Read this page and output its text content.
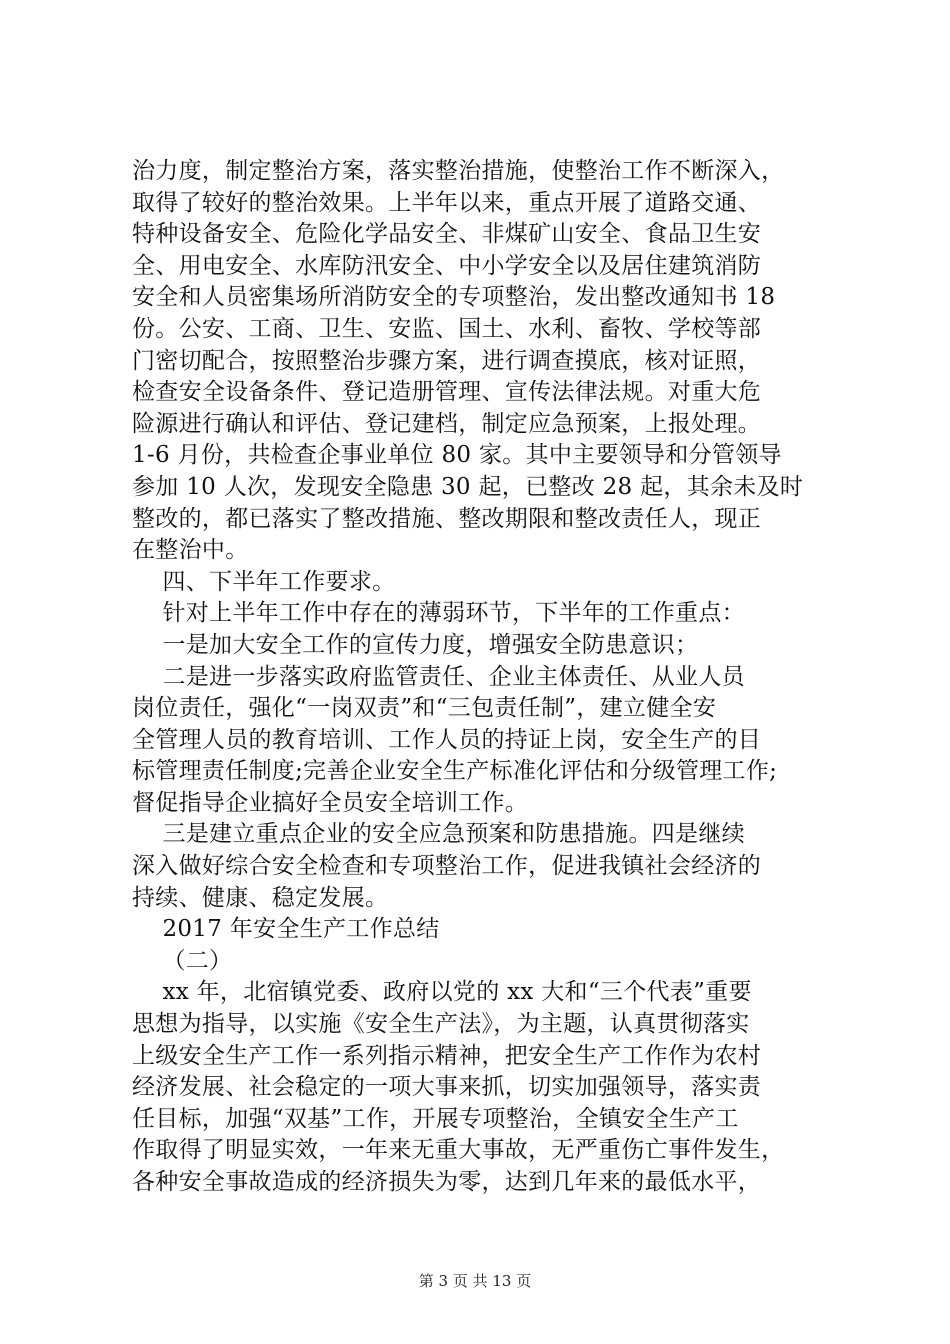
治力度，制定整治方案，落实整治措施，使整治工作不断深入，
取得了较好的整治效果。上半年以来，重点开展了道路交通、
特种设备安全、危险化学品安全、非煤矿山安全、食品卫生安
全、用电安全、水库防汛安全、中小学安全以及居住建筑消防
安全和人员密集场所消防安全的专项整治，发出整改通知书 18
份。公安、工商、卫生、安监、国土、水利、畜牧、学校等部
门密切配合，按照整治步骤方案，进行调查摸底，核对证照，
检查安全设备条件、登记造册管理、宣传法律法规。对重大危
险源进行确认和评估、登记建档，制定应急预案，上报处理。
1-6 月份，共检查企事业单位 80 家。其中主要领导和分管领导
参加 10 人次，发现安全隐患 30 起，已整改 28 起，其余未及时
整改的，都已落实了整改措施、整改期限和整改责任人，现正
在整治中。
四、下半年工作要求。
针对上半年工作中存在的薄弱环节，下半年的工作重点：
一是加大安全工作的宣传力度，增强安全防患意识；
二是进一步落实政府监管责任、企业主体责任、从业人员
岗位责任，强化“一岗双责”和“三包责任制”，建立健全安
全管理人员的教育培训、工作人员的持证上岗，安全生产的目
标管理责任制度;完善企业安全生产标准化评估和分级管理工作;
督促指导企业搞好全员安全培训工作。
三是建立重点企业的安全应急预案和防患措施。四是继续
深入做好综合安全检查和专项整治工作，促进我镇社会经济的
持续、健康、稳定发展。
2017 年安全生产工作总结
（二）
xx 年，北宿镇党委、政府以党的 xx 大和“三个代表”重要
思想为指导，以实施《安全生产法》，为主题，认真贯彻落实
上级安全生产工作一系列指示精神，把安全生产工作作为农村
经济发展、社会稳定的一项大事来抓，切实加强领导，落实责
任目标，加强“双基”工作，开展专项整治，全镇安全生产工
作取得了明显实效，一年来无重大事故，无严重伤亡事件发生，
各种安全事故造成的经济损失为零，达到几年来的最低水平，
第 3 页 共 13 页
